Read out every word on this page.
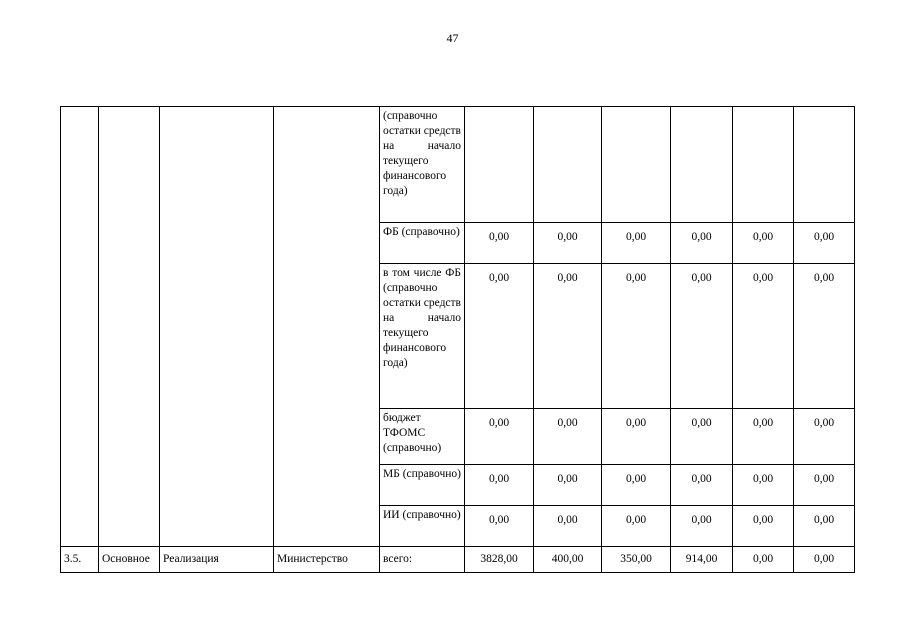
47
				(справочно остатки средств на начало текущего финансового года)						
				ФБ (справочно)	0,00	0,00	0,00	0,00	0,00	0,00
				в том числе ФБ (справочно остатки средств на начало текущего финансового года)	0,00	0,00	0,00	0,00	0,00	0,00
				бюджет ТФОМС (справочно)	0,00	0,00	0,00	0,00	0,00	0,00
				МБ (справочно)	0,00	0,00	0,00	0,00	0,00	0,00
				ИИ (справочно)	0,00	0,00	0,00	0,00	0,00	0,00
3.5.	Основное	Реализация	Министерство	всего:	3828,00	400,00	350,00	914,00	0,00	0,00
